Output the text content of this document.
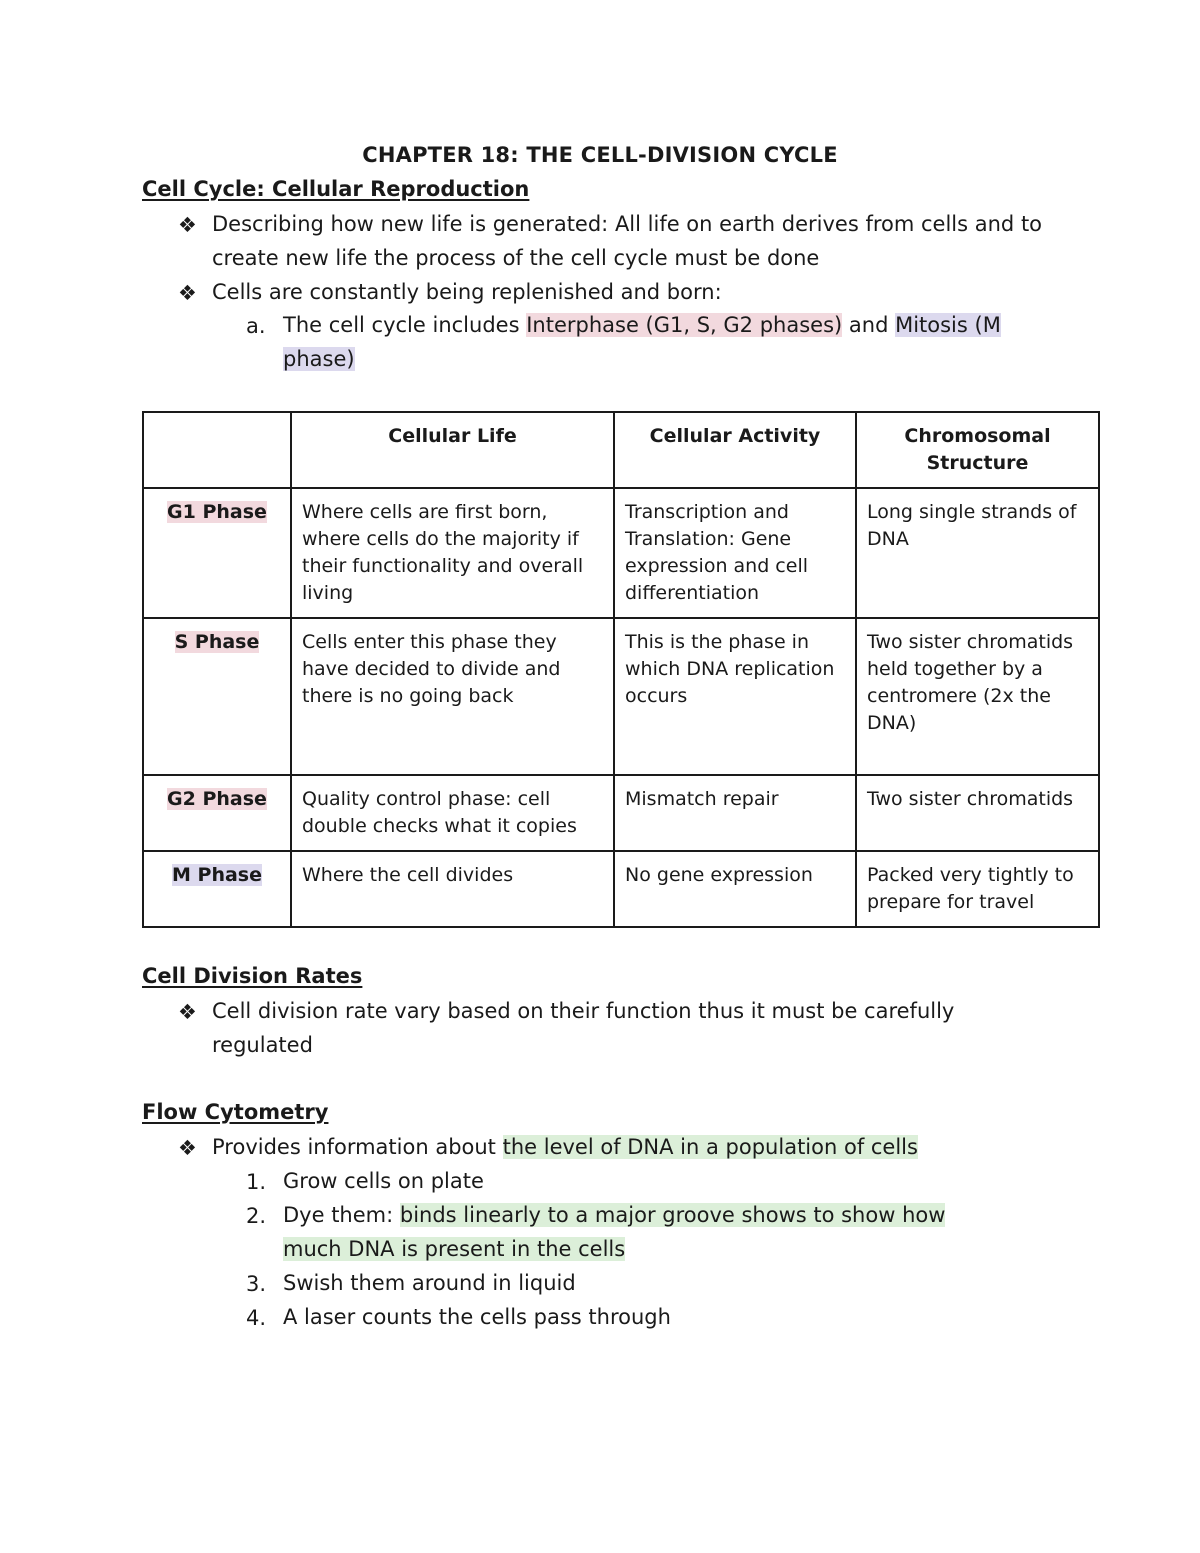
CHAPTER 18: THE CELL-DIVISION CYCLE
Cell Cycle: Cellular Reproduction
❖ Describing how new life is generated: All life on earth derives from cells and to create new life the process of the cell cycle must be done
❖ Cells are constantly being replenished and born:
a. The cell cycle includes Interphase (G1, S, G2 phases) and Mitosis (M
phase)
	Cellular Life	Cellular Activity	Chromosomal Structure
G1 Phase	Where cells are first born, where cells do the majority if their functionality and overall living	Transcription and Translation: Gene expression and cell differentiation	Long single strands of DNA
S Phase	Cells enter this phase they have decided to divide and there is no going back	This is the phase in which DNA replication occurs	Two sister chromatids held together by a centromere (2x the DNA)
G2 Phase	Quality control phase: cell double checks what it copies	Mismatch repair	Two sister chromatids
M Phase	Where the cell divides	No gene expression	Packed very tightly to prepare for travel
Cell Division Rates
❖ Cell division rate vary based on their function thus it must be carefully regulated
Flow Cytometry
❖ Provides information about the level of DNA in a population of cells
1. Grow cells on plate
2. Dye them: binds linearly to a major groove shows to show how
much DNA is present in the cells
3. Swish them around in liquid
4. A laser counts the cells pass through
